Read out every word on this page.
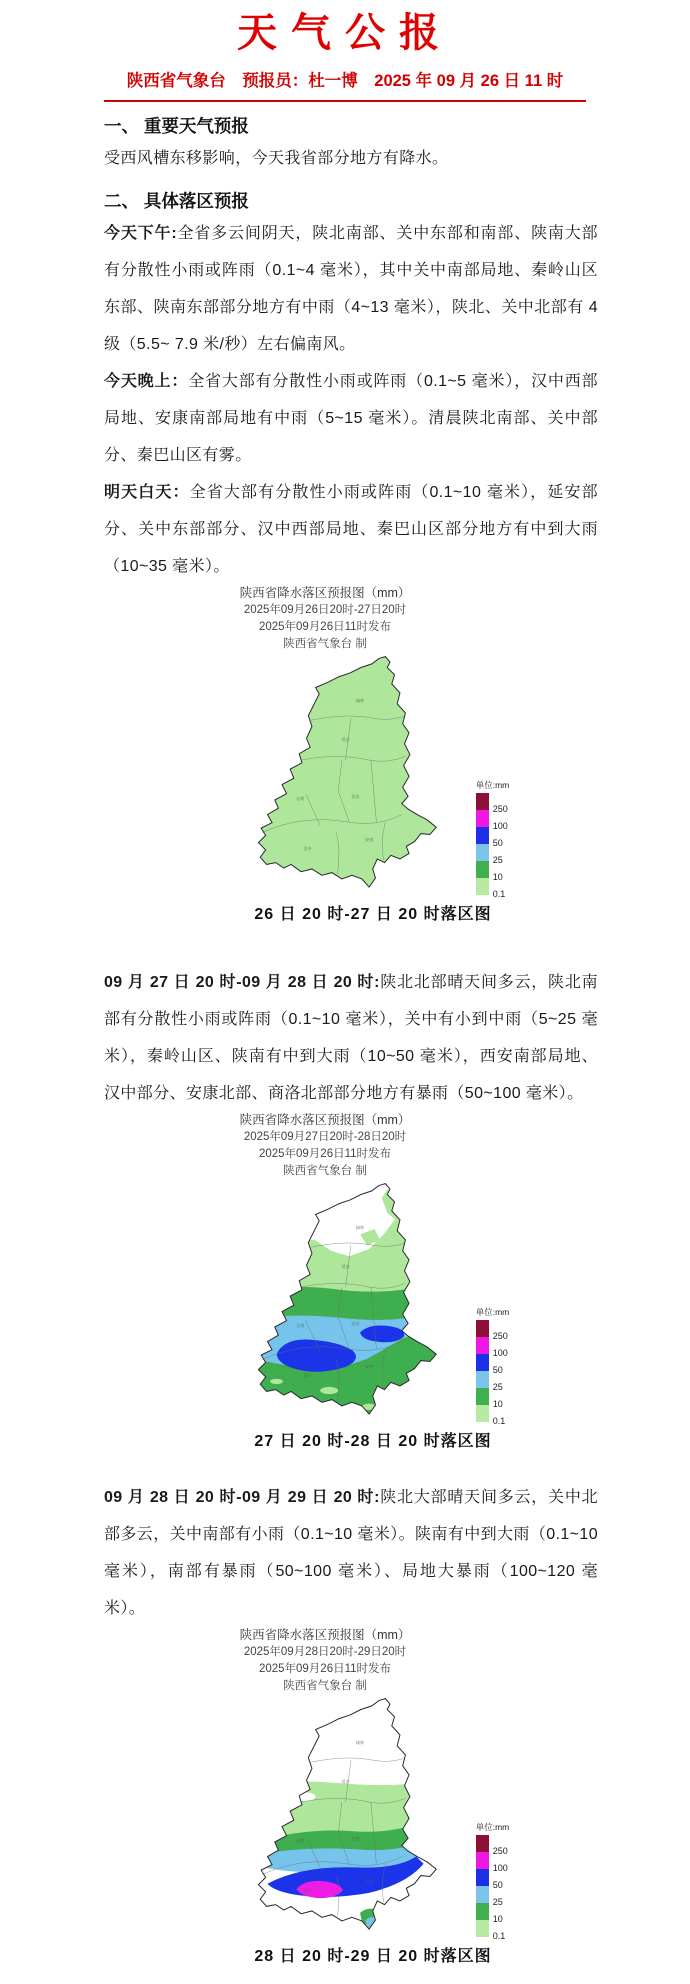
天气公报
陕西省气象台　预报员：杜一博　2025 年 09 月 26 日 11 时
一、 重要天气预报

受西风槽东移影响，今天我省部分地方有降水。

二、 具体落区预报

今天下午:全省多云间阴天，陕北南部、关中东部和南部、陕南大部有分散性小雨或阵雨（0.1~4 毫米），其中关中南部局地、秦岭山区东部、陕南东部部分地方有中雨（4~13 毫米），陕北、关中北部有 4 级（5.5~ 7.9 米/秒）左右偏南风。

今天晚上：全省大部有分散性小雨或阵雨（0.1~5 毫米），汉中西部局地、安康南部局地有中雨（5~15 毫米）。清晨陕北南部、关中部分、秦巴山区有雾。

明天白天：全省大部有分散性小雨或阵雨（0.1~10 毫米），延安部分、关中东部部分、汉中西部局地、秦巴山区部分地方有中到大雨（10~35 毫米）。

陕西省降水落区预报图（mm）
2025年09月26日20时-27日20时
2025年09月26日11时发布
陕西省气象台 制
单位:mm
250
100
50
25
10
0.1
26 日 20 时-27 日 20 时落区图

09 月 27 日 20 时-09 月 28 日 20 时:陕北北部晴天间多云，陕北南部有分散性小雨或阵雨（0.1~10 毫米），关中有小到中雨（5~25 毫米），秦岭山区、陕南有中到大雨（10~50 毫米），西安南部局地、汉中部分、安康北部、商洛北部部分地方有暴雨（50~100 毫米）。

陕西省降水落区预报图（mm）
2025年09月27日20时-28日20时
2025年09月26日11时发布
陕西省气象台 制
单位:mm
250
100
50
25
10
0.1
27 日 20 时-28 日 20 时落区图

09 月 28 日 20 时-09 月 29 日 20 时:陕北大部晴天间多云，关中北部多云，关中南部有小雨（0.1~10 毫米）。陕南有中到大雨（0.1~10 毫米），南部有暴雨（50~100 毫米）、局地大暴雨（100~120 毫米）。

陕西省降水落区预报图（mm）
2025年09月28日20时-29日20时
2025年09月26日11时发布
陕西省气象台 制
单位:mm
250
100
50
25
10
0.1
28 日 20 时-29 日 20 时落区图
